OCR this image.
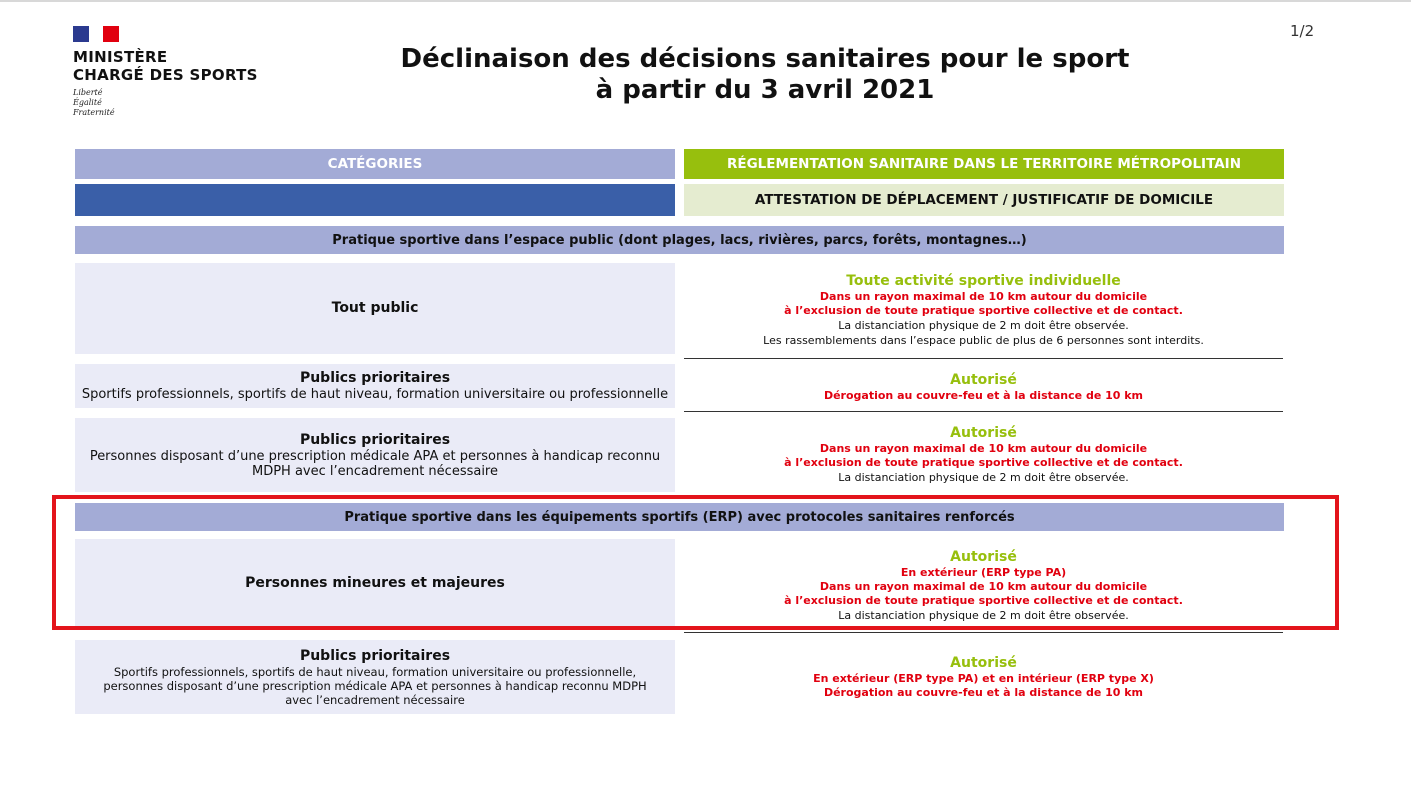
1/2
MINISTÈRE
CHARGÉ DES SPORTS
Liberté
Égalité
Fraternité
Déclinaison des décisions sanitaires pour le sport
à partir du 3 avril 2021
CATÉGORIES	RÉGLEMENTATION SANITAIRE DANS LE TERRITOIRE MÉTROPOLITAIN
ATTESTATION DE DÉPLACEMENT / JUSTIFICATIF DE DOMICILE
Pratique sportive dans l’espace public (dont plages, lacs, rivières, parcs, forêts, montagnes…)
Tout public
Toute activité sportive individuelle
Dans un rayon maximal de 10 km autour du domicile
à l’exclusion de toute pratique sportive collective et de contact.
La distanciation physique de 2 m doit être observée.
Les rassemblements dans l’espace public de plus de 6 personnes sont interdits.
Publics prioritaires
Sportifs professionnels, sportifs de haut niveau, formation universitaire ou professionnelle
Autorisé
Dérogation au couvre-feu et à la distance de 10 km
Publics prioritaires
Personnes disposant d’une prescription médicale APA et personnes à handicap reconnu MDPH avec l’encadrement nécessaire
Autorisé
Dans un rayon maximal de 10 km autour du domicile
à l’exclusion de toute pratique sportive collective et de contact.
La distanciation physique de 2 m doit être observée.
Pratique sportive dans les équipements sportifs (ERP) avec protocoles sanitaires renforcés
Personnes mineures et majeures
Autorisé
En extérieur (ERP type PA)
Dans un rayon maximal de 10 km autour du domicile
à l’exclusion de toute pratique sportive collective et de contact.
La distanciation physique de 2 m doit être observée.
Publics prioritaires
Sportifs professionnels, sportifs de haut niveau, formation universitaire ou professionnelle, personnes disposant d’une prescription médicale APA et personnes à handicap reconnu MDPH avec l’encadrement nécessaire
Autorisé
En extérieur (ERP type PA) et en intérieur (ERP type X)
Dérogation au couvre-feu et à la distance de 10 km
